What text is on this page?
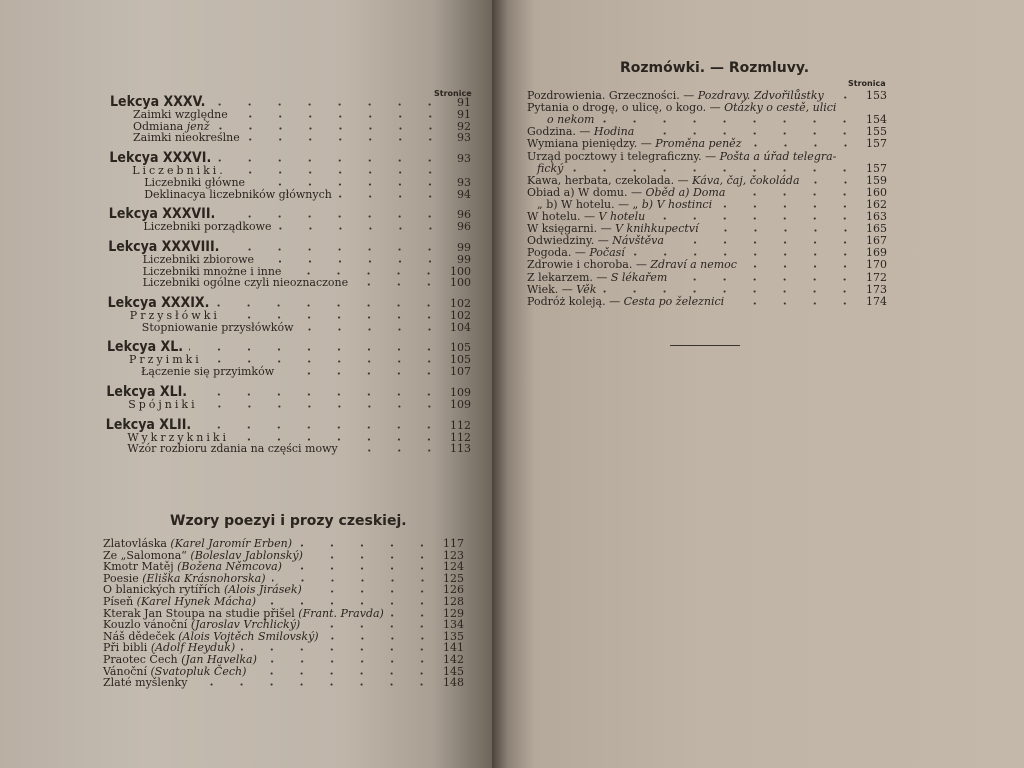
Stronice
Lekcya XXXV.	91
Zaimki względne	91
Odmiana jenž	92
Zaimki nieokreślne	93
Lekcya XXXVI.	93
Liczebniki.
Liczebniki główne	93
Deklinacya liczebników głównych	94
Lekcya XXXVII.	96
Liczebniki porządkowe	96
Lekcya XXXVIII.	99
Liczebniki zbiorowe	99
Liczebniki mnożne i inne	100
Liczebniki ogólne czyli nieoznaczone	100
Lekcya XXXIX.	102
Przysłówki	102
Stopniowanie przysłówków	104
Lekcya XL.	105
Przyimki	105
Łączenie się przyimków	107
Lekcya XLI.	109
Spójniki	109
Lekcya XLII.	112
Wykrzykniki	112
Wzór rozbioru zdania na części mowy	113
Wzory poezyi i prozy czeskiej.
Zlatovláska (Karel Jaromír Erben)	117
Ze „Salomona“ (Boleslav Jablonský)	123
Kmotr Matěj (Božena Němcova)	124
Poesie (Eliška Krásnohorska)	125
O blanických rytířích (Alois Jirásek)	126
Píseň (Karel Hynek Mácha)	128
Kterak Jan Stoupa na studie přišel (Frant. Pravda)	129
Kouzlo vánoční (Jaroslav Vrchlický)	134
Náš dědeček (Alois Vojtěch Smilovský)	135
Při bibli (Adolf Heyduk)	141
Praotec Čech (Jan Havelka)	142
Vánoční (Svatopluk Čech)	145
Zlaté myšlenky	148
Rozmówki. — Rozmluvy.
Stronica
Pozdrowienia. Grzeczności. — Pozdravy. Zdvořilůstky	153
Pytania o drogę, o ulicę, o kogo. — Otázky o cestě, ulici
o nekom	154
Godzina. — Hodina	155
Wymiana pieniędzy. — Proměna peněz	157
Urząd pocztowy i telegraficzny. — Pošta a úřad telegra-
fický	157
Kawa, herbata, czekolada. — Káva, čaj, čokoláda	159
Obiad a) W domu. — Oběd a) Doma	160
„ b) W hotelu. — „ b) V hostinci	162
W hotelu. — V hotelu	163
W księgarni. — V knihkupectví	165
Odwiedziny. — Návštěva	167
Pogoda. — Počasí	169
Zdrowie i choroba. — Zdraví a nemoc	170
Z lekarzem. — S lékařem	172
Wiek. — Věk	173
Podróż koleją. — Cesta po železnici	174
